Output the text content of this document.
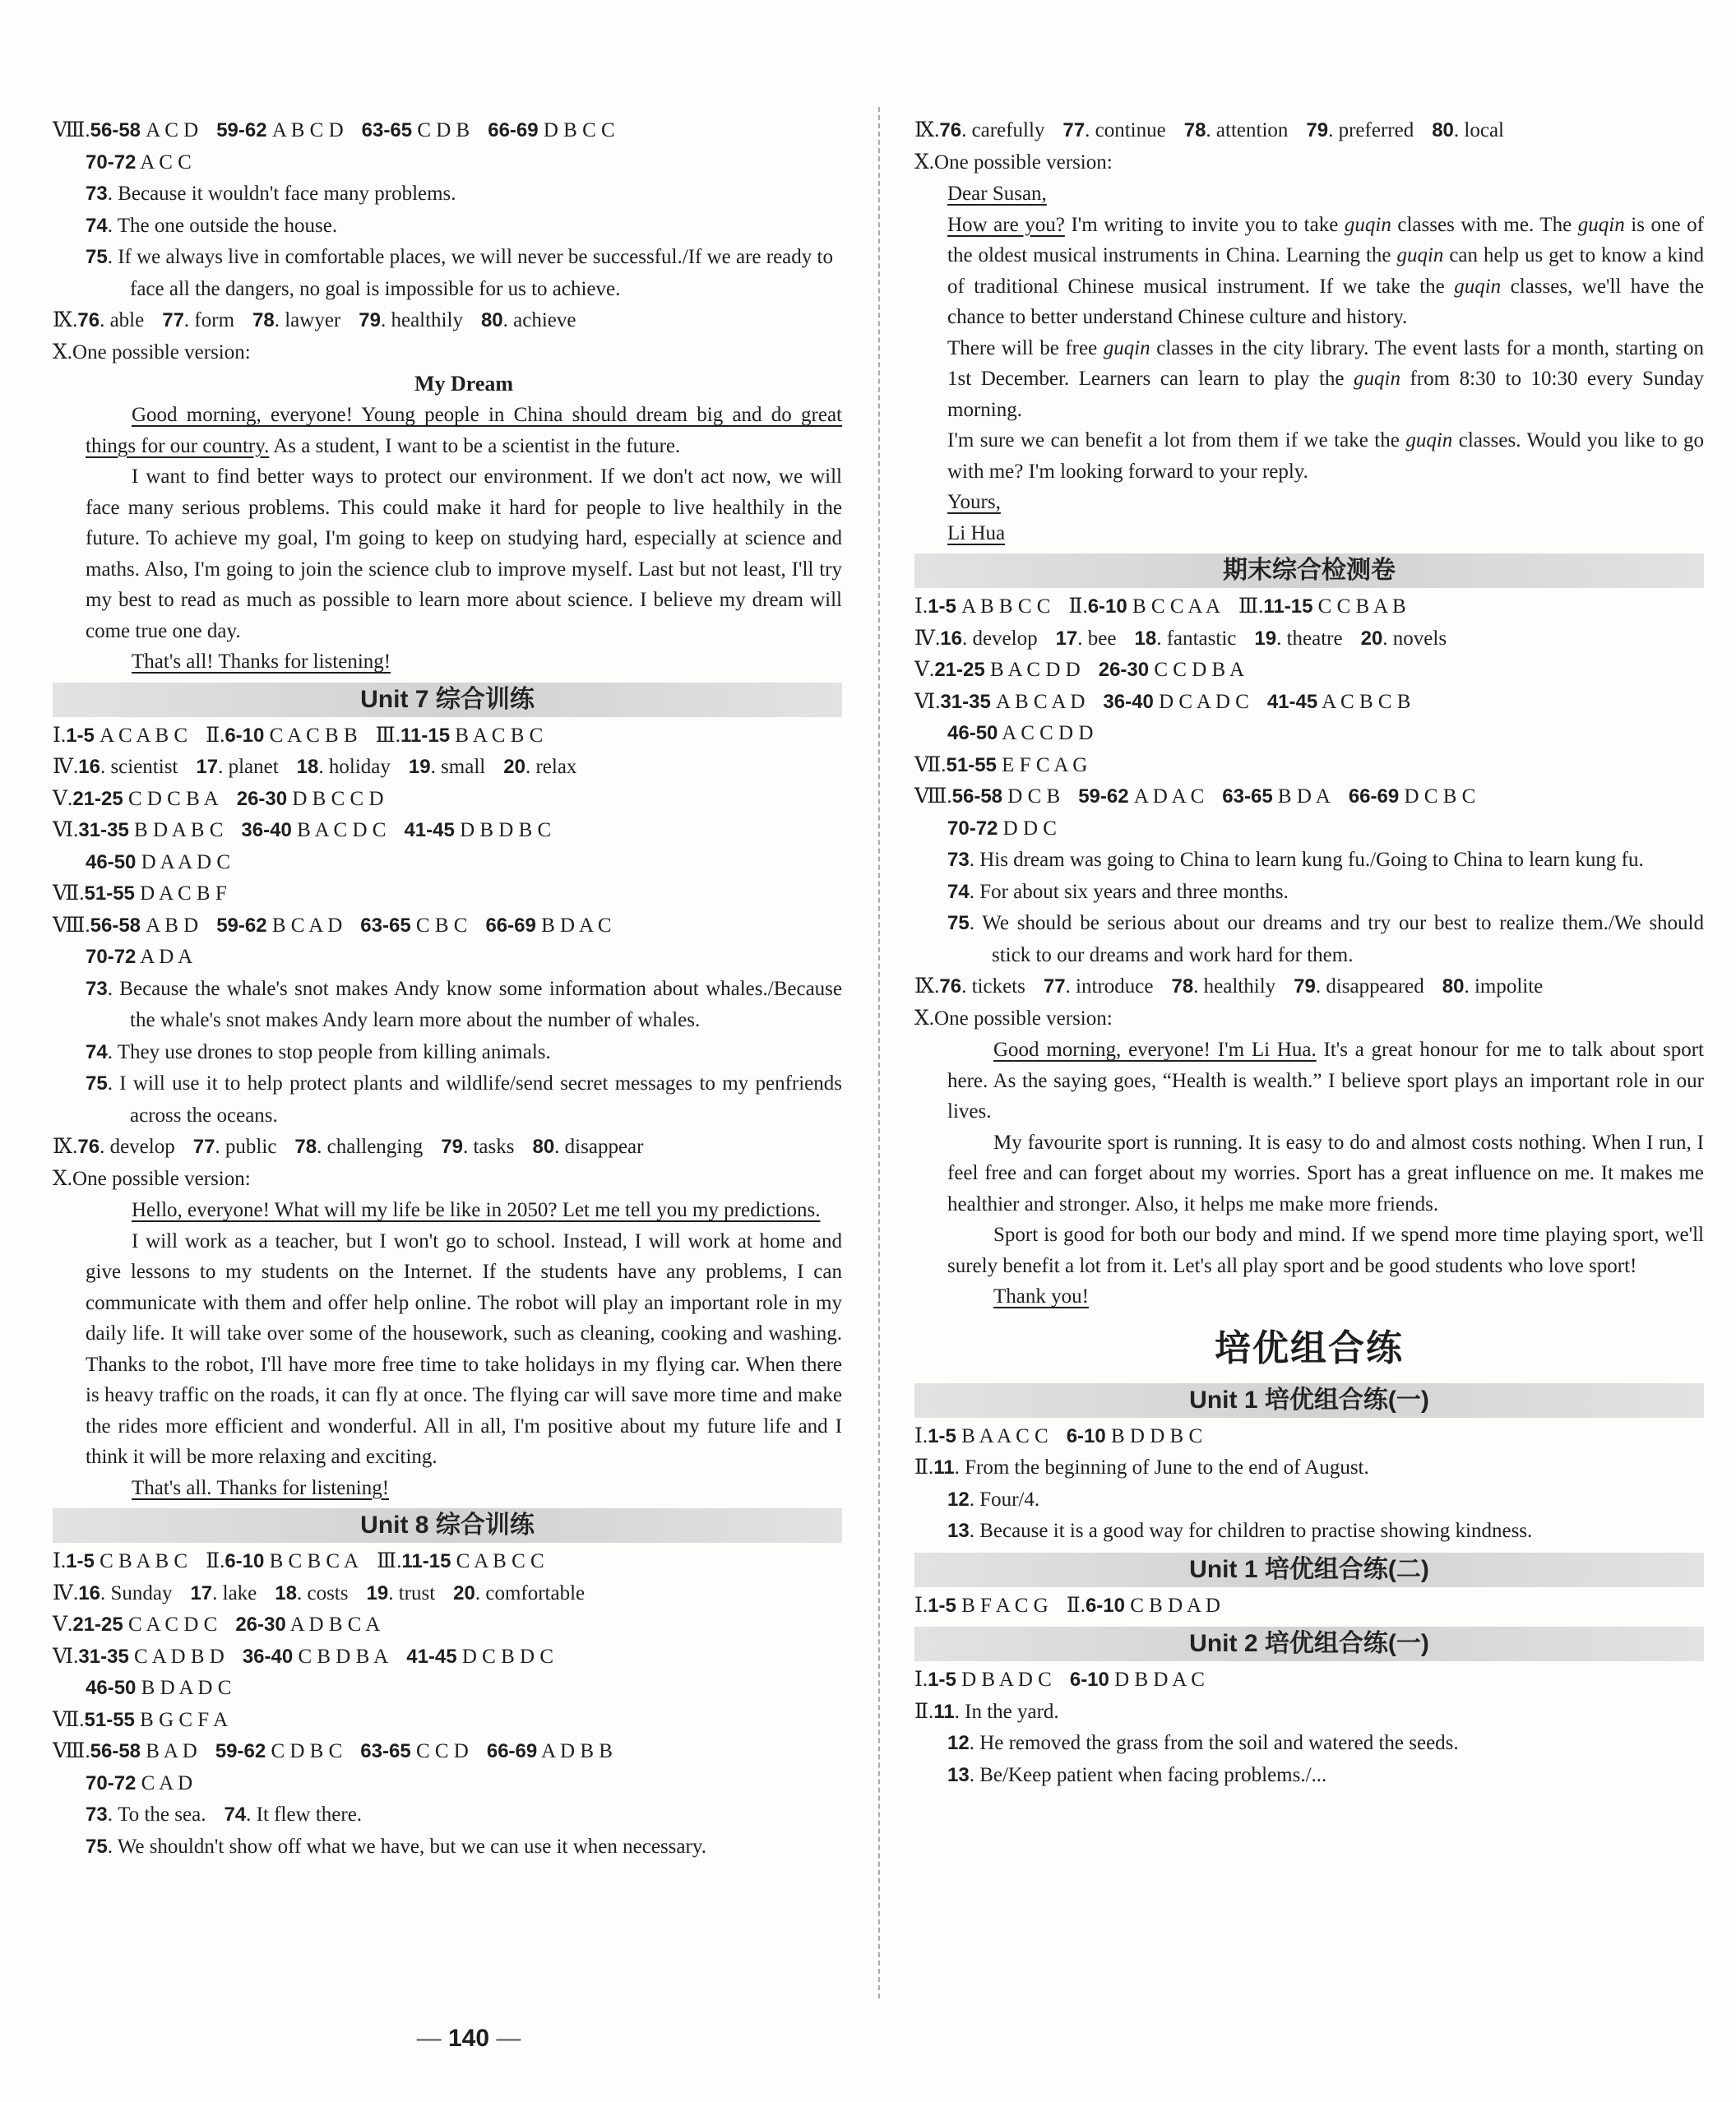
Ⅷ.56-58 A C D 59-62 A B C D 63-65 C D B 66-69 D B C C
70-72 A C C
73. Because it wouldn't face many problems.
74. The one outside the house.
75. If we always live in comfortable places, we will never be successful./If we are ready to face all the dangers, no goal is impossible for us to achieve.
Ⅸ.76. able 77. form 78. lawyer 79. healthily 80. achieve
Ⅹ.One possible version:
My Dream
Good morning, everyone! Young people in China should dream big and do great things for our country. As a student, I want to be a scientist in the future.
I want to find better ways to protect our environment. If we don't act now, we will face many serious problems. This could make it hard for people to live healthily in the future. To achieve my goal, I'm going to keep on studying hard, especially at science and maths. Also, I'm going to join the science club to improve myself. Last but not least, I'll try my best to read as much as possible to learn more about science. I believe my dream will come true one day.
That's all! Thanks for listening!
Unit 7 综合训练
Ⅰ.1-5 A C A B C Ⅱ.6-10 C A C B B Ⅲ.11-15 B A C B C
Ⅳ.16. scientist 17. planet 18. holiday 19. small 20. relax
Ⅴ.21-25 C D C B A 26-30 D B C C D
Ⅵ.31-35 B D A B C 36-40 B A C D C 41-45 D B D B C
46-50 D A A D C
Ⅶ.51-55 D A C B F
Ⅷ.56-58 A B D 59-62 B C A D 63-65 C B C 66-69 B D A C
70-72 A D A
73. Because the whale's snot makes Andy know some information about whales./Because the whale's snot makes Andy learn more about the number of whales.
74. They use drones to stop people from killing animals.
75. I will use it to help protect plants and wildlife/send secret messages to my penfriends across the oceans.
Ⅸ.76. develop 77. public 78. challenging 79. tasks 80. disappear
Ⅹ.One possible version:
Hello, everyone! What will my life be like in 2050? Let me tell you my predictions.
I will work as a teacher, but I won't go to school. Instead, I will work at home and give lessons to my students on the Internet. If the students have any problems, I can communicate with them and offer help online. The robot will play an important role in my daily life. It will take over some of the housework, such as cleaning, cooking and washing. Thanks to the robot, I'll have more free time to take holidays in my flying car. When there is heavy traffic on the roads, it can fly at once. The flying car will save more time and make the rides more efficient and wonderful. All in all, I'm positive about my future life and I think it will be more relaxing and exciting.
That's all. Thanks for listening!
Unit 8 综合训练
Ⅰ.1-5 C B A B C Ⅱ.6-10 B C B C A Ⅲ.11-15 C A B C C
Ⅳ.16. Sunday 17. lake 18. costs 19. trust 20. comfortable
Ⅴ.21-25 C A C D C 26-30 A D B C A
Ⅵ.31-35 C A D B D 36-40 C B D B A 41-45 D C B D C
46-50 B D A D C
Ⅶ.51-55 B G C F A
Ⅷ.56-58 B A D 59-62 C D B C 63-65 C C D 66-69 A D B B
70-72 C A D
73. To the sea. 74. It flew there.
75. We shouldn't show off what we have, but we can use it when necessary.
Ⅸ.76. carefully 77. continue 78. attention 79. preferred 80. local
Ⅹ.One possible version:
Dear Susan,
How are you? I'm writing to invite you to take guqin classes with me. The guqin is one of the oldest musical instruments in China. Learning the guqin can help us get to know a kind of traditional Chinese musical instrument. If we take the guqin classes, we'll have the chance to better understand Chinese culture and history.
There will be free guqin classes in the city library. The event lasts for a month, starting on 1st December. Learners can learn to play the guqin from 8:30 to 10:30 every Sunday morning.
I'm sure we can benefit a lot from them if we take the guqin classes. Would you like to go with me? I'm looking forward to your reply.
Yours,
Li Hua
期末综合检测卷
Ⅰ.1-5 A B B C C Ⅱ.6-10 B C C A A Ⅲ.11-15 C C B A B
Ⅳ.16. develop 17. bee 18. fantastic 19. theatre 20. novels
Ⅴ.21-25 B A C D D 26-30 C C D B A
Ⅵ.31-35 A B C A D 36-40 D C A D C 41-45 A C B C B
46-50 A C C D D
Ⅶ.51-55 E F C A G
Ⅷ.56-58 D C B 59-62 A D A C 63-65 B D A 66-69 D C B C
70-72 D D C
73. His dream was going to China to learn kung fu./Going to China to learn kung fu.
74. For about six years and three months.
75. We should be serious about our dreams and try our best to realize them./We should stick to our dreams and work hard for them.
Ⅸ.76. tickets 77. introduce 78. healthily 79. disappeared 80. impolite
Ⅹ.One possible version:
Good morning, everyone! I'm Li Hua. It's a great honour for me to talk about sport here. As the saying goes, “Health is wealth.” I believe sport plays an important role in our lives.
My favourite sport is running. It is easy to do and almost costs nothing. When I run, I feel free and can forget about my worries. Sport has a great influence on me. It makes me healthier and stronger. Also, it helps me make more friends.
Sport is good for both our body and mind. If we spend more time playing sport, we'll surely benefit a lot from it. Let's all play sport and be good students who love sport!
Thank you!
培优组合练
Unit 1 培优组合练(一)
Ⅰ.1-5 B A A C C 6-10 B D D B C
Ⅱ.11. From the beginning of June to the end of August.
12. Four/4.
13. Because it is a good way for children to practise showing kindness.
Unit 1 培优组合练(二)
Ⅰ.1-5 B F A C G Ⅱ.6-10 C B D A D
Unit 2 培优组合练(一)
Ⅰ.1-5 D B A D C 6-10 D B D A C
Ⅱ.11. In the yard.
12. He removed the grass from the soil and watered the seeds.
13. Be/Keep patient when facing problems./...
— 140 —
